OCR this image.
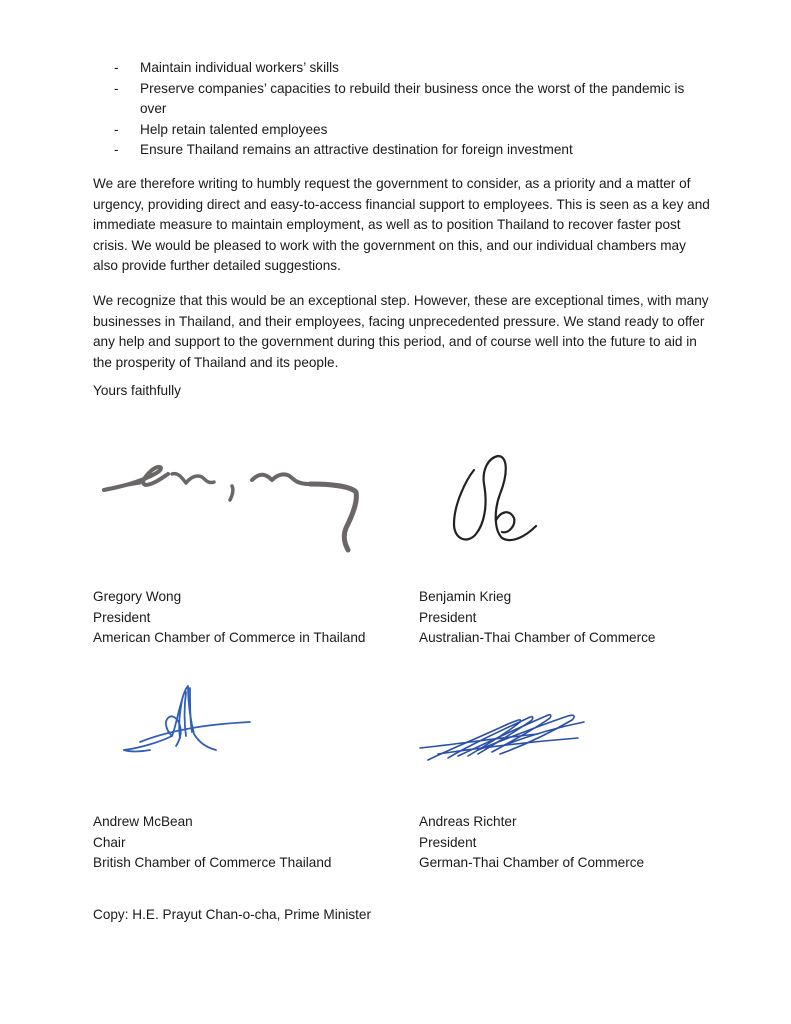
- Maintain individual workers’ skills
- Preserve companies’ capacities to rebuild their business once the worst of the pandemic is over
- Help retain talented employees
- Ensure Thailand remains an attractive destination for foreign investment

We are therefore writing to humbly request the government to consider, as a priority and a matter of urgency, providing direct and easy-to-access financial support to employees. This is seen as a key and immediate measure to maintain employment, as well as to position Thailand to recover faster post crisis. We would be pleased to work with the government on this, and our individual chambers may also provide further detailed suggestions.

We recognize that this would be an exceptional step. However, these are exceptional times, with many businesses in Thailand, and their employees, facing unprecedented pressure. We stand ready to offer any help and support to the government during this period, and of course well into the future to aid in the prosperity of Thailand and its people.

Yours faithfully

Gregory Wong
President
American Chamber of Commerce in Thailand
Benjamin Krieg
President
Australian-Thai Chamber of Commerce
Andrew McBean
Chair
British Chamber of Commerce Thailand
Andreas Richter
President
German-Thai Chamber of Commerce

Copy: H.E. Prayut Chan-o-cha, Prime Minister
